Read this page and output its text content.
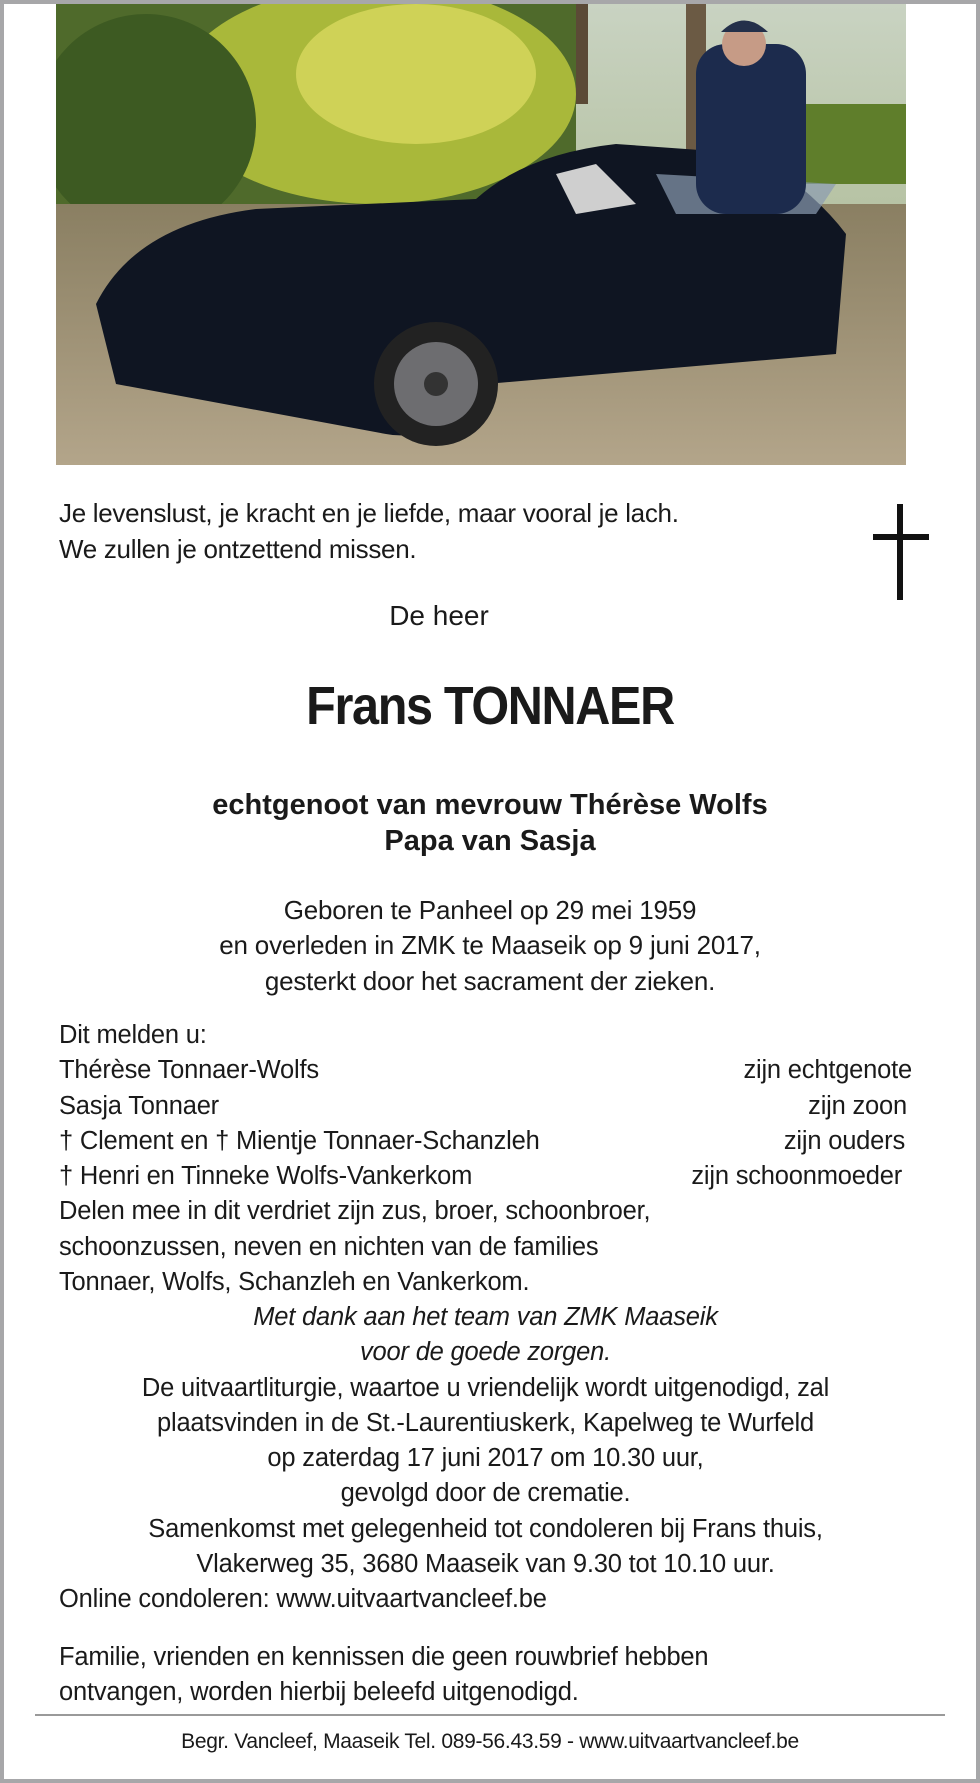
Je levenslust, je kracht en je liefde, maar vooral je lach.
We zullen je ontzettend missen.
De heer
Frans TONNAER
echtgenoot van mevrouw Thérèse Wolfs
Papa van Sasja
Geboren te Panheel op 29 mei 1959
en overleden in ZMK te Maaseik op 9 juni 2017,
gesterkt door het sacrament der zieken.
Dit melden u:
Thérèse Tonnaer-Wolfs	zijn echtgenote
Sasja Tonnaer	zijn zoon
† Clement en † Mientje Tonnaer-Schanzleh	zijn ouders
† Henri en Tinneke Wolfs-Vankerkom	zijn schoonmoeder
Delen mee in dit verdriet zijn zus, broer, schoonbroer,
schoonzussen, neven en nichten van de families
Tonnaer, Wolfs, Schanzleh en Vankerkom.
Met dank aan het team van ZMK Maaseik
voor de goede zorgen.
De uitvaartliturgie, waartoe u vriendelijk wordt uitgenodigd, zal
plaatsvinden in de St.-Laurentiuskerk, Kapelweg te Wurfeld
op zaterdag 17 juni 2017 om 10.30 uur,
gevolgd door de crematie.
Samenkomst met gelegenheid tot condoleren bij Frans thuis,
Vlakerweg 35, 3680 Maaseik van 9.30 tot 10.10 uur.
Online condoleren: www.uitvaartvancleef.be
Familie, vrienden en kennissen die geen rouwbrief hebben
ontvangen, worden hierbij beleefd uitgenodigd.
Begr. Vancleef, Maaseik Tel. 089-56.43.59 - www.uitvaartvancleef.be
